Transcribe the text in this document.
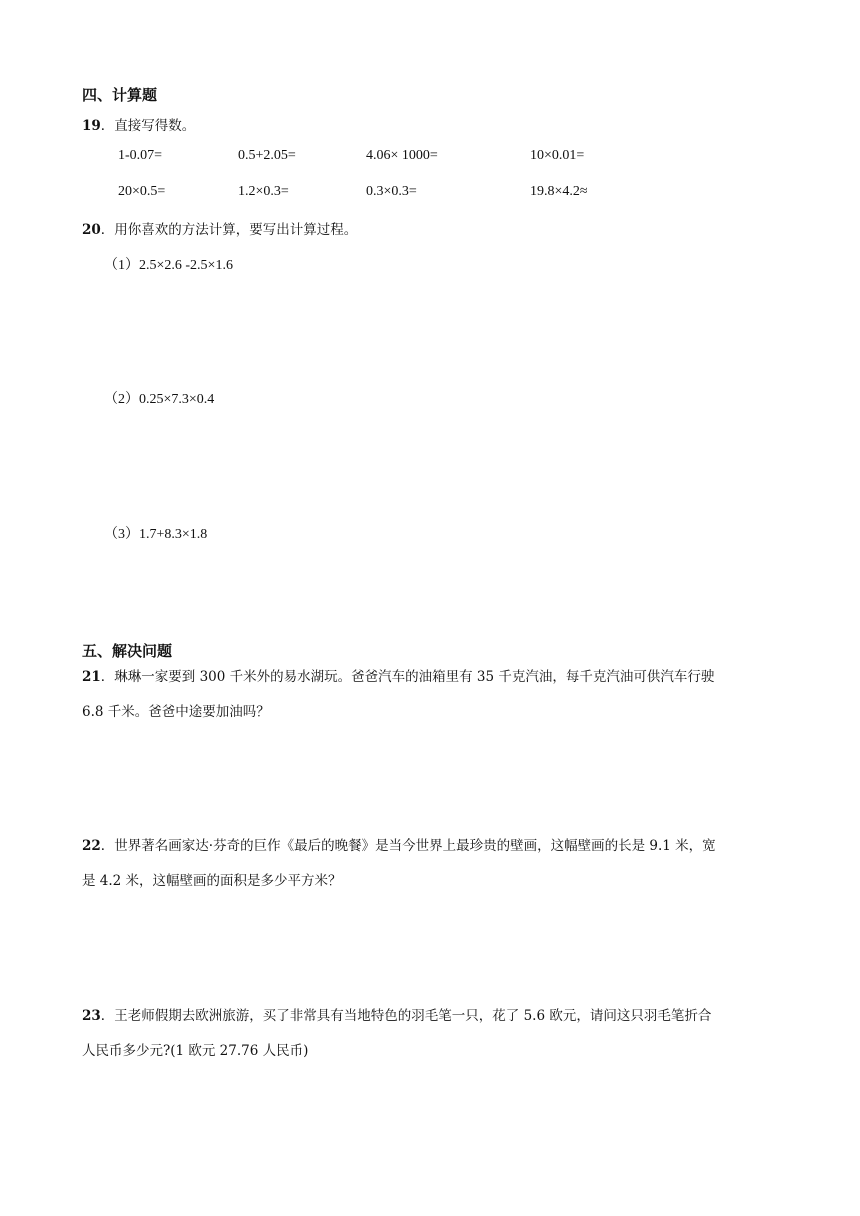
四、计算题
19．直接写得数。
1-0.07=	0.5+2.05=	4.06× 1000=	10×0.01=
20×0.5=	1.2×0.3=	0.3×0.3=	19.8×4.2≈
20．用你喜欢的方法计算，要写出计算过程。
（1）2.5×2.6 -2.5×1.6
（2）0.25×7.3×0.4
（3）1.7+8.3×1.8
五、解决问题
21．琳琳一家要到 300 千米外的易水湖玩。爸爸汽车的油箱里有 35 千克汽油，每千克汽油可供汽车行驶
6.8 千米。爸爸中途要加油吗？
22．世界著名画家达·芬奇的巨作《最后的晚餐》是当今世界上最珍贵的壁画，这幅壁画的长是 9.1 米，宽
是 4.2 米，这幅壁画的面积是多少平方米？
23．王老师假期去欧洲旅游，买了非常具有当地特色的羽毛笔一只，花了 5.6 欧元，请问这只羽毛笔折合
人民币多少元?(1 欧元 27.76 人民币)
